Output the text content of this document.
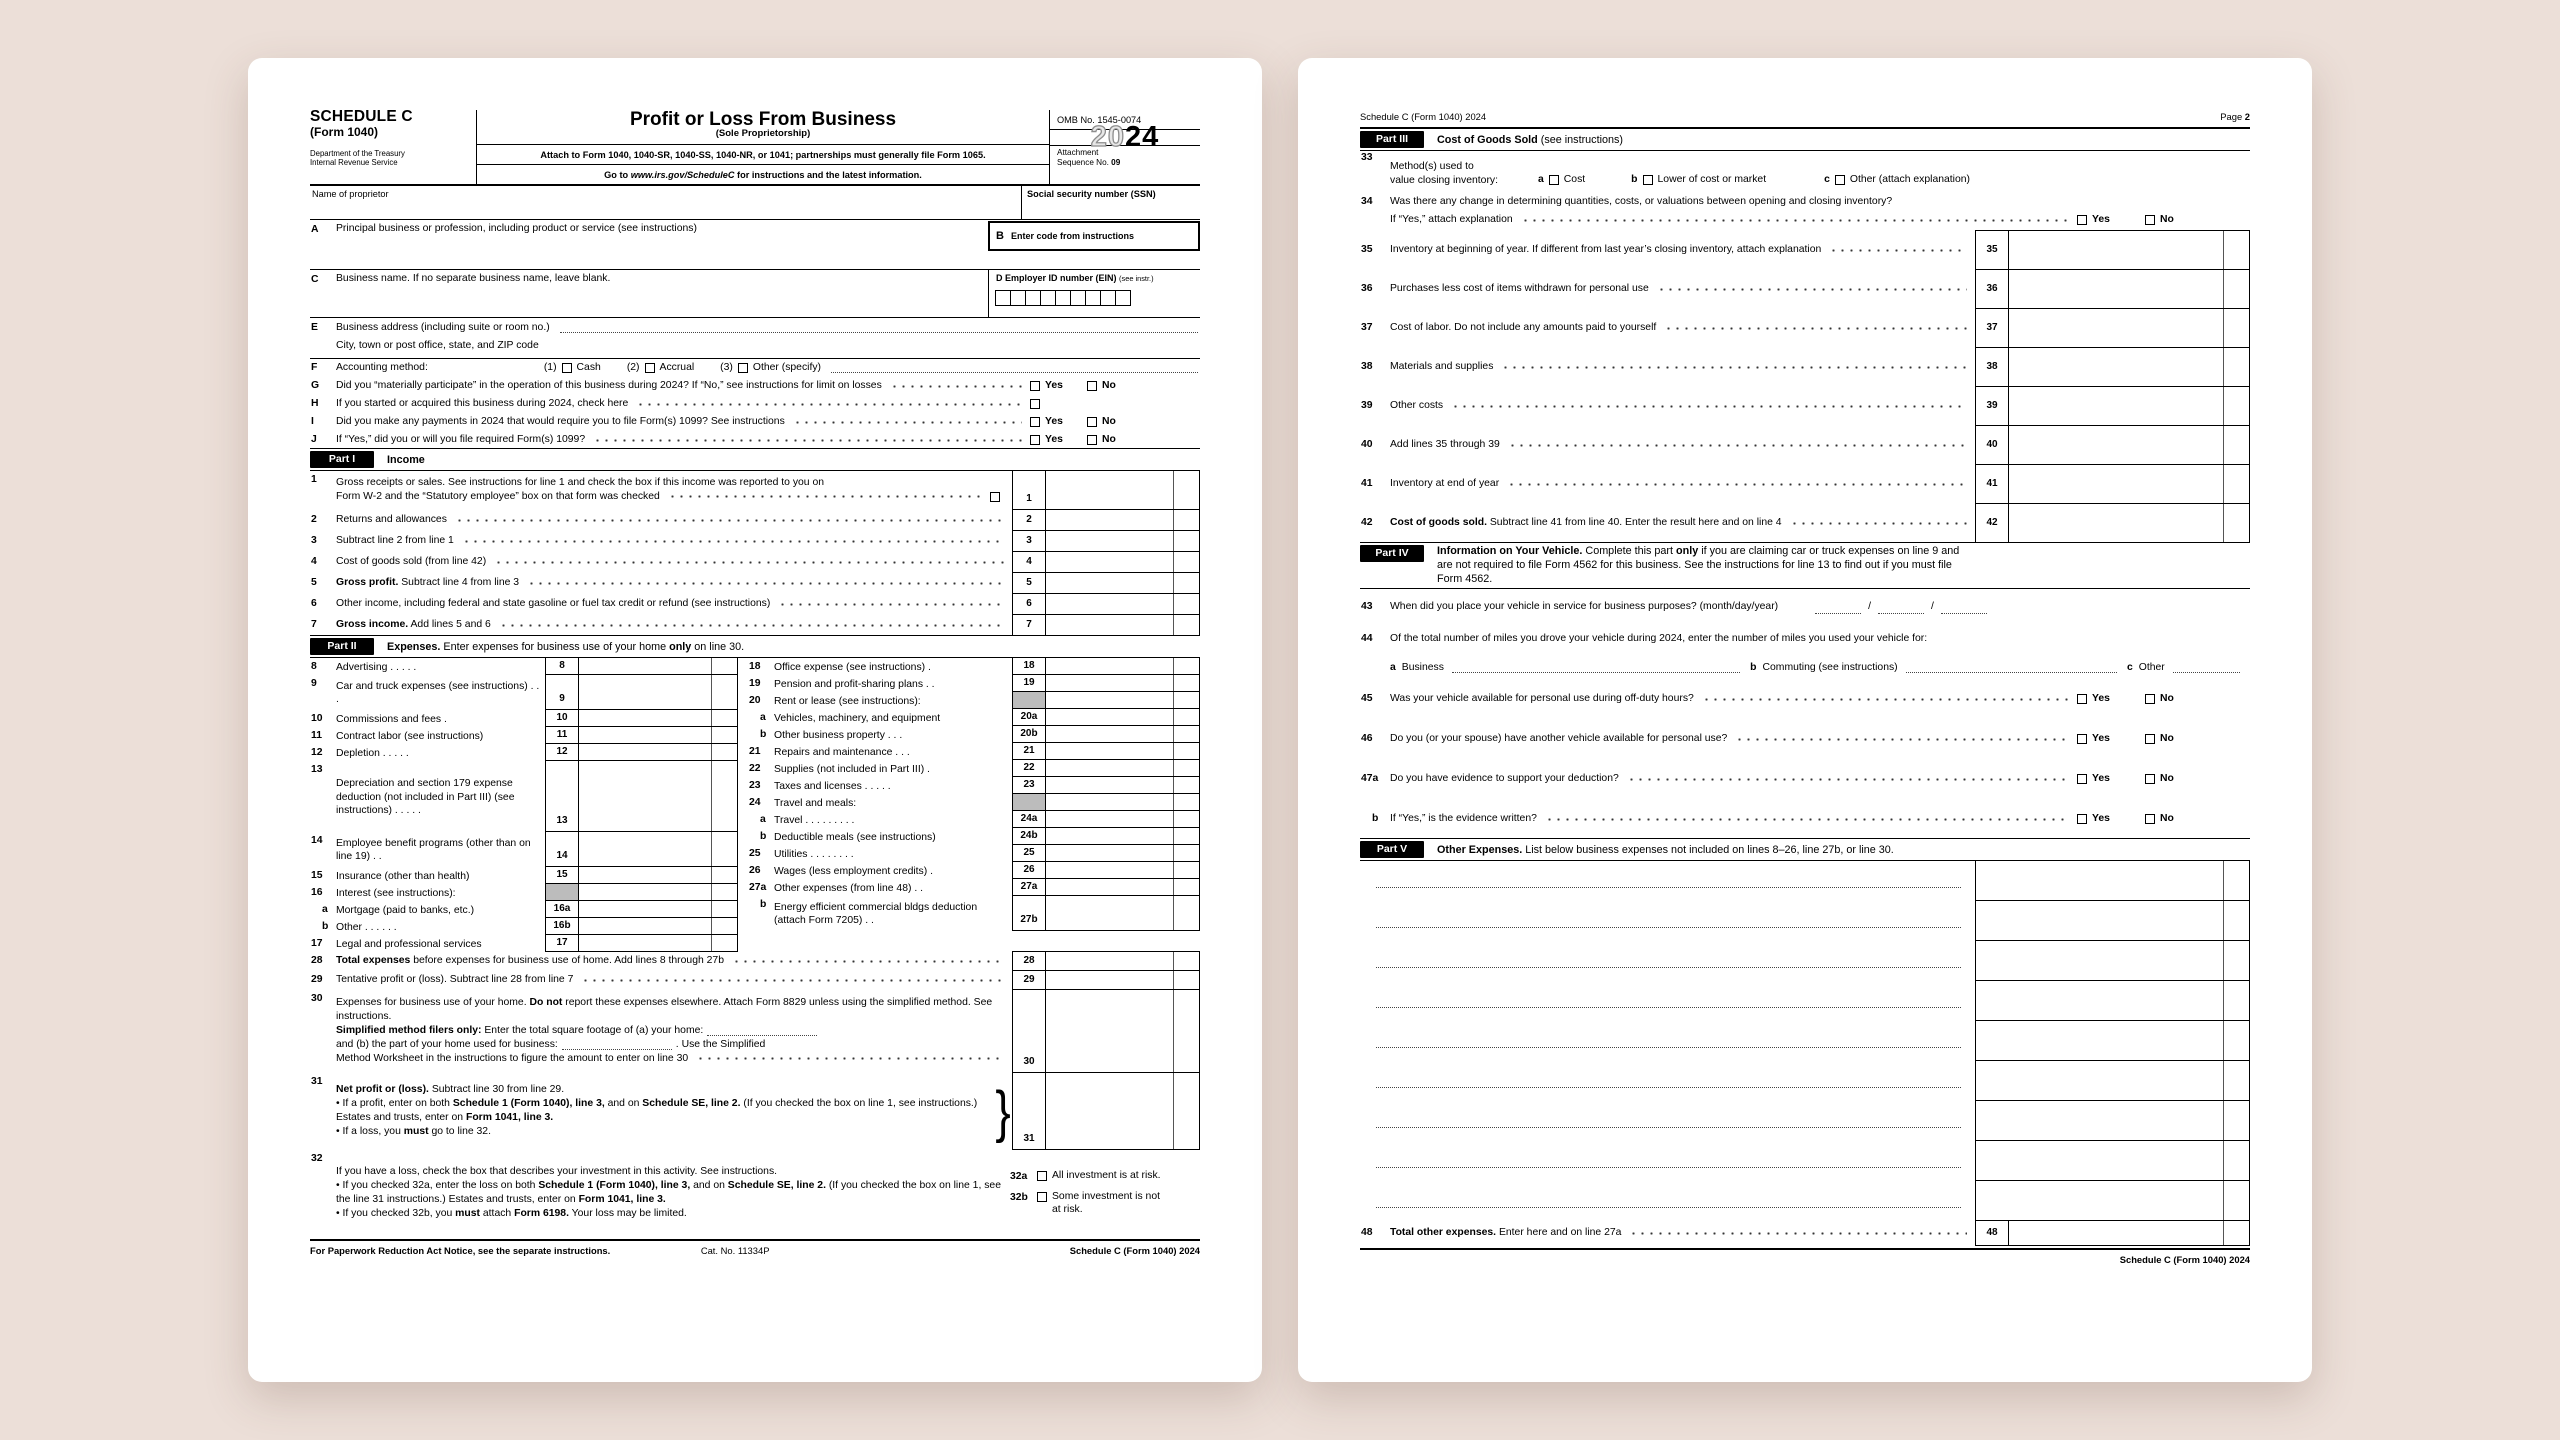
SCHEDULE C
(Form 1040)
Department of the Treasury
Internal Revenue Service
Profit or Loss From Business
(Sole Proprietorship)
Attach to Form 1040, 1040-SR, 1040-SS, 1040-NR, or 1041; partnerships must generally file Form 1065.
Go to www.irs.gov/ScheduleC for instructions and the latest information.
OMB No. 1545-0074
20 24
Attachment
Sequence No. 09
Name of proprietor	Social security number (SSN)
A	Principal business or profession, including product or service (see instructions)
B Enter code from instructions
C	Business name. If no separate business name, leave blank.	D Employer ID number (EIN) (see instr.)
E	Business address (including suite or room no.)
City, town or post office, state, and ZIP code
F	Accounting method:	(1) Cash	(2) Accrual	(3) Other (specify)
G	Did you “materially participate” in the operation of this business during 2024? If “No,” see instructions for limit on losses	Yes	No
H	If you started or acquired this business during 2024, check here
I	Did you make any payments in 2024 that would require you to file Form(s) 1099? See instructions	Yes	No
J	If “Yes,” did you or will you file required Form(s) 1099?	Yes	No
Part I	Income
1	Gross receipts or sales. See instructions for line 1 and check the box if this income was reported to you on
Form W-2 and the “Statutory employee” box on that form was checked	1
2	Returns and allowances	2
3	Subtract line 2 from line 1	3
4	Cost of goods sold (from line 42)	4
5	Gross profit. Subtract line 4 from line 3	5
6	Other income, including federal and state gasoline or fuel tax credit or refund (see instructions)	6
7	Gross income. Add lines 5 and 6	7
Part II	Expenses. Enter expenses for business use of your home only on line 30.
8	Advertising . . . . .	8
9	Car and truck expenses (see instructions) . . .	9
10	Commissions and fees .	10
11	Contract labor (see instructions)	11
12	Depletion . . . . .	12
13
Depreciation and section 179 expense deduction (not included in Part III) (see instructions) . . . . .
13
14	Employee benefit programs (other than on line 19) . .	14
15	Insurance (other than health)	15
16	Interest (see instructions):
a Mortgage (paid to banks, etc.)	16a
b Other . . . . . .	16b
17	Legal and professional services	17
18	Office expense (see instructions) .	18
19	Pension and profit-sharing plans . .	19
20	Rent or lease (see instructions):
a Vehicles, machinery, and equipment	20a
b Other business property . . .	20b
21	Repairs and maintenance . . .	21
22	Supplies (not included in Part III) .	22
23	Taxes and licenses . . . . .	23
24	Travel and meals:
a Travel . . . . . . . . .	24a
b Deductible meals (see instructions)	24b
25	Utilities . . . . . . . .	25
26	Wages (less employment credits) .	26
27a Other expenses (from line 48) . .	27a
b Energy efficient commercial bldgs deduction (attach Form 7205) . .	27b
28	Total expenses before expenses for business use of home. Add lines 8 through 27b	28
29	Tentative profit or (loss). Subtract line 28 from line 7	29
30	Expenses for business use of your home. Do not report these expenses elsewhere. Attach Form 8829 unless using the simplified method. See instructions.
Simplified method filers only: Enter the total square footage of (a) your home:
and (b) the part of your home used for business:	. Use the Simplified
Method Worksheet in the instructions to figure the amount to enter on line 30	30
31
Net profit or (loss). Subtract line 30 from line 29.
• If a profit, enter on both Schedule 1 (Form 1040), line 3, and on Schedule SE, line 2. (If you checked the box on line 1, see instructions.) Estates and trusts, enter on Form 1041, line 3.
• If a loss, you must go to line 32.	}	31
32
If you have a loss, check the box that describes your investment in this activity. See instructions.
• If you checked 32a, enter the loss on both Schedule 1 (Form 1040), line 3, and on Schedule SE, line 2. (If you checked the box on line 1, see the line 31 instructions.) Estates and trusts, enter on Form 1041, line 3.
• If you checked 32b, you must attach Form 6198. Your loss may be limited.
32a	All investment is at risk.
32b	Some investment is not at risk.
For Paperwork Reduction Act Notice, see the separate instructions.	Cat. No. 11334P	Schedule C (Form 1040) 2024
Schedule C (Form 1040) 2024	Page
2
Part III	Cost of Goods Sold (see instructions)
33
Method(s) used to
value closing inventory:	a Cost	b Lower of cost or market	c Other (attach explanation)
34	Was there any change in determining quantities, costs, or valuations between opening and closing inventory?
If “Yes,” attach explanation	Yes	No
35	Inventory at beginning of year. If different from last year’s closing inventory, attach explanation	35
36	Purchases less cost of items withdrawn for personal use	36
37	Cost of labor. Do not include any amounts paid to yourself	37
38	Materials and supplies	38
39	Other costs	39
40	Add lines 35 through 39	40
41	Inventory at end of year	41
42	Cost of goods sold. Subtract line 41 from line 40. Enter the result here and on line 4	42
Part IV	Information on Your Vehicle. Complete this part only if you are claiming car or truck expenses on line 9 and
are not required to file Form 4562 for this business. See the instructions for line 13 to find out if you must file
Form 4562.
43	When did you place your vehicle in service for business purposes? (month/day/year)	/	/
44	Of the total number of miles you drove your vehicle during 2024, enter the number of miles you used your vehicle for:
a Business	b Commuting (see instructions)	c Other
45	Was your vehicle available for personal use during off-duty hours?	Yes	No
46	Do you (or your spouse) have another vehicle available for personal use?	Yes	No
47a	Do you have evidence to support your deduction?	Yes	No
b	If “Yes,” is the evidence written?	Yes	No
Part V	Other Expenses. List below business expenses not included on lines 8–26, line 27b, or line 30.
48	Total other expenses. Enter here and on line 27a	48
Schedule C (Form 1040) 2024
